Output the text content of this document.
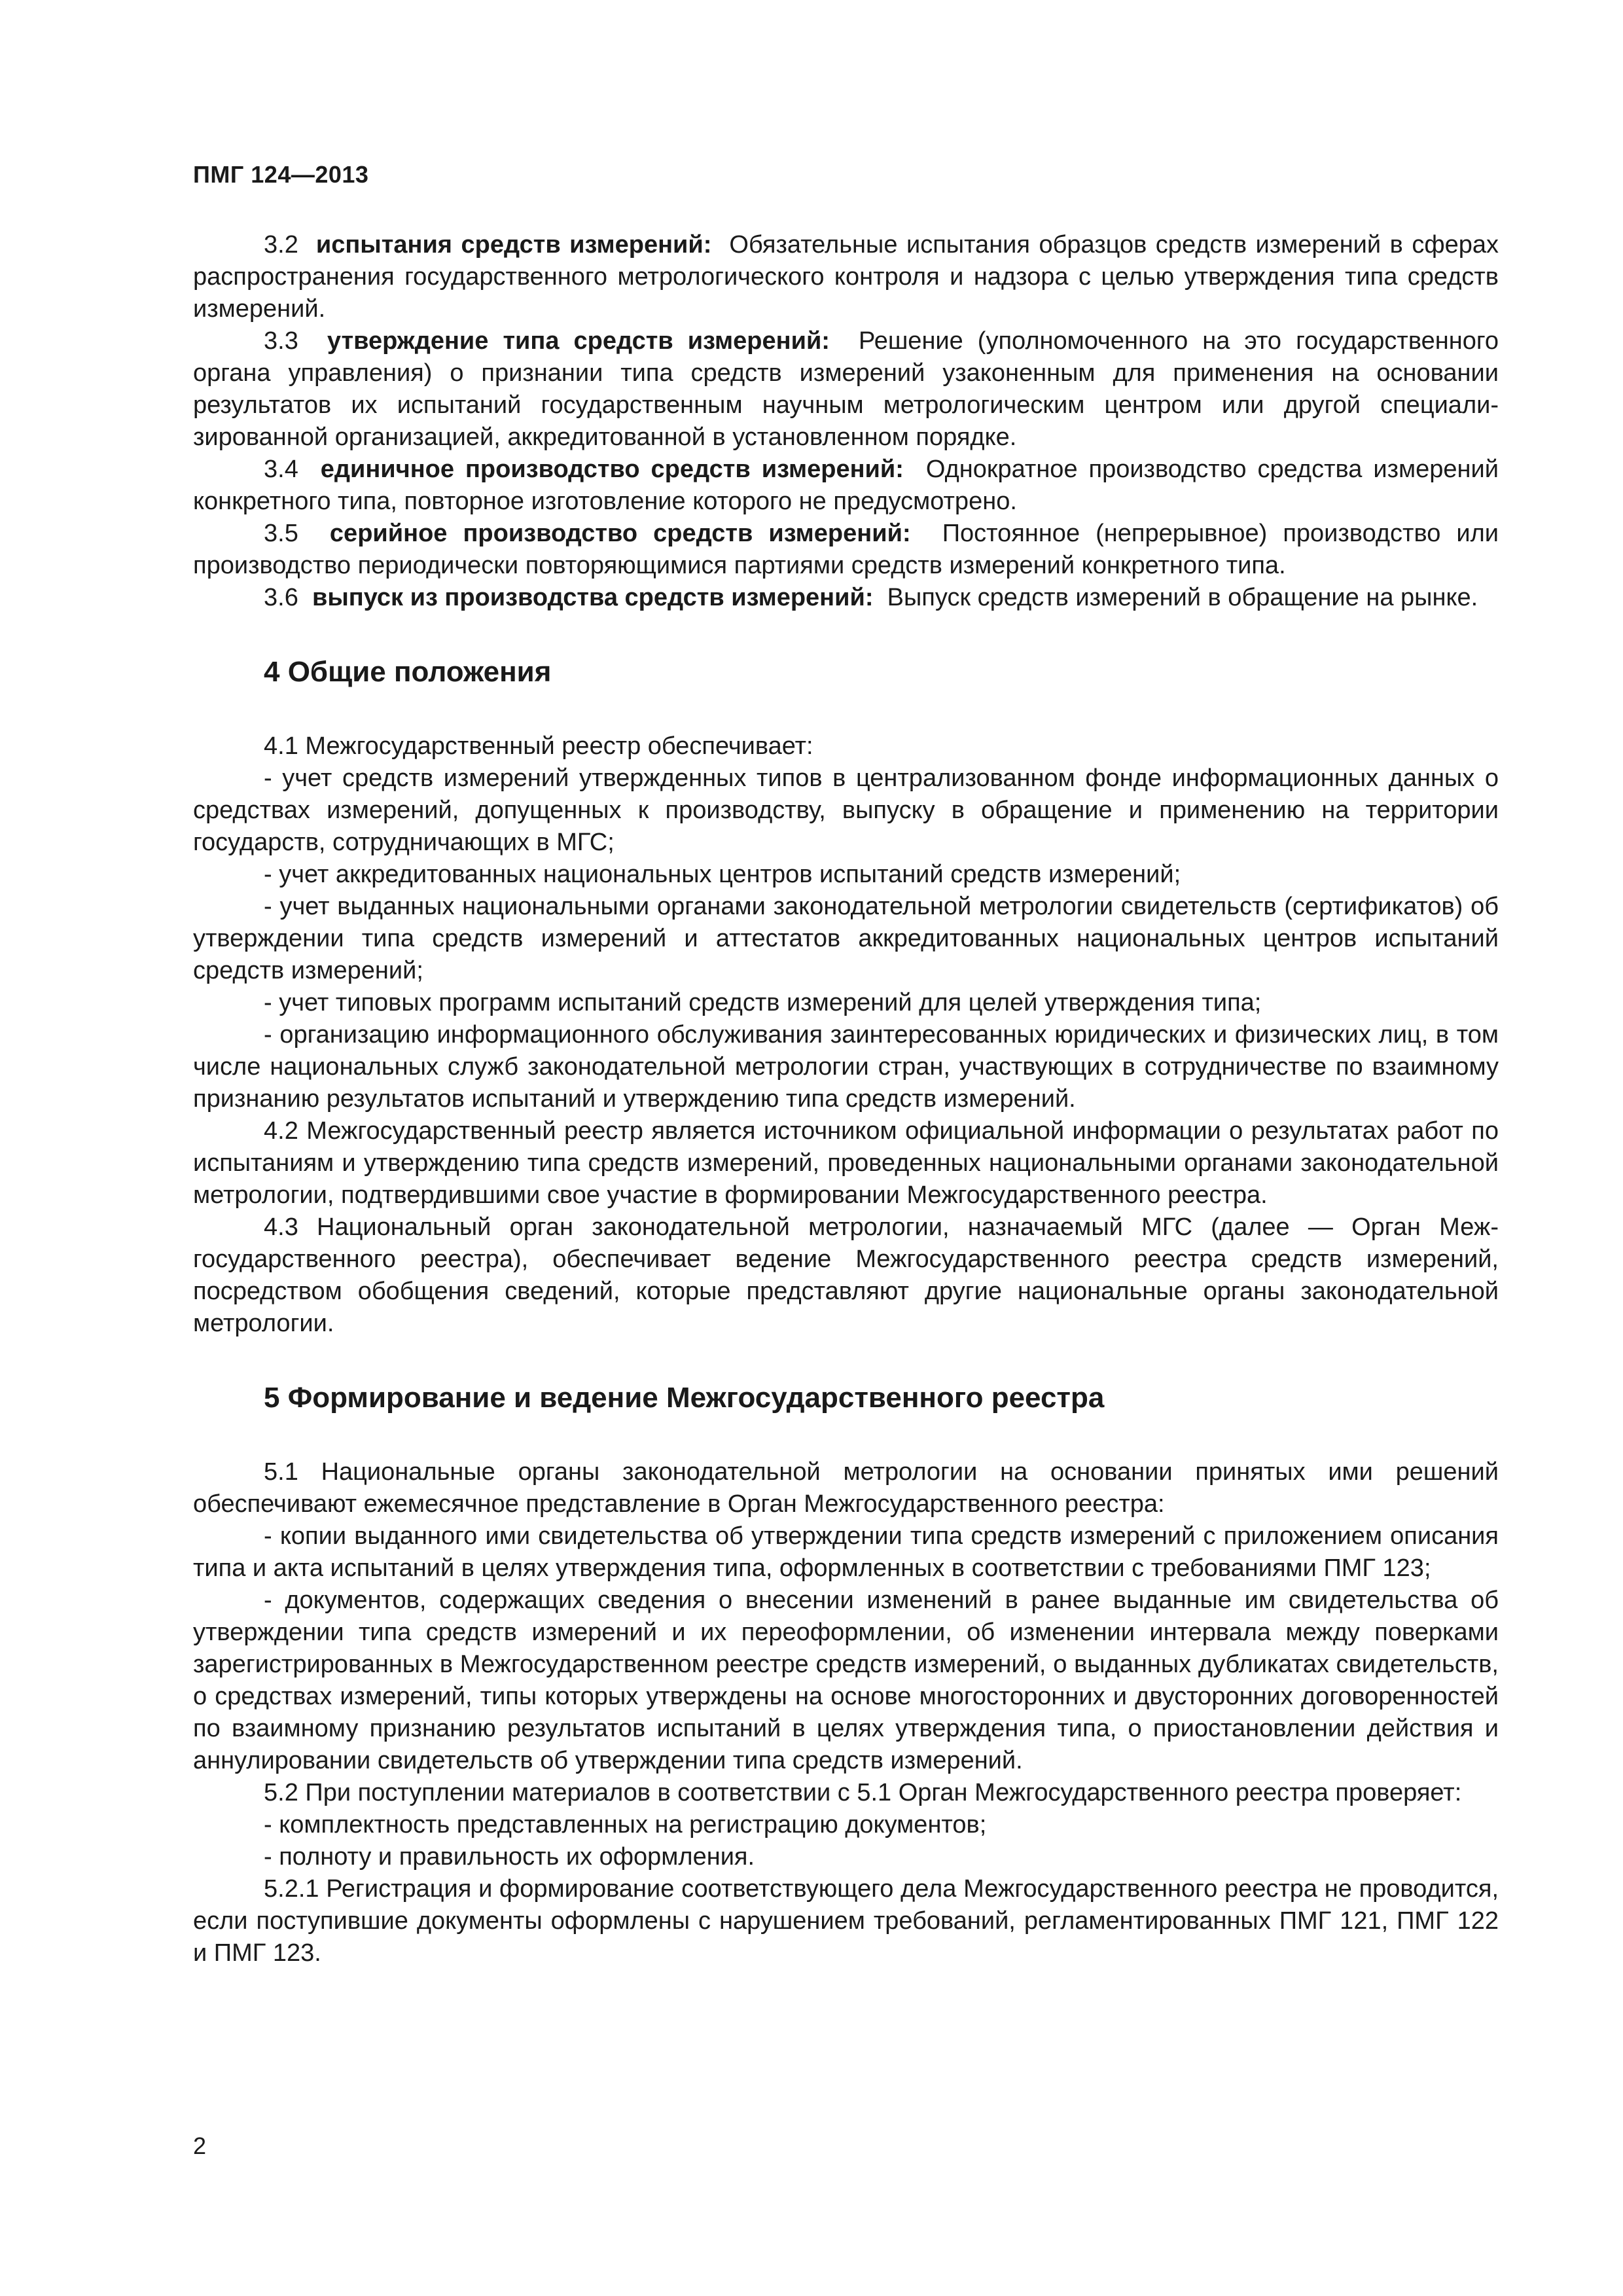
ПМГ 124—2013

3.2 испытания средств измерений: Обязательные испытания образцов средств измерений в сферах распространения государственного метрологического контроля и надзора с целью утверждения типа средств измерений.

3.3 утверждение типа средств измерений: Решение (уполномоченного на это государственного органа управления) о признании типа средств измерений узаконенным для применения на основании результатов их испытаний государственным научным метрологическим центром или другой специализированной организацией, аккредитованной в установленном порядке.

3.4 единичное производство средств измерений: Однократное производство средства измерений конкретного типа, повторное изготовление которого не предусмотрено.

3.5 серийное производство средств измерений: Постоянное (непрерывное) производство или производство периодически повторяющимися партиями средств измерений конкретного типа.

3.6 выпуск из производства средств измерений: Выпуск средств измерений в обращение на рынке.

4 Общие положения

4.1 Межгосударственный реестр обеспечивает:

- учет средств измерений утвержденных типов в централизованном фонде информационных данных о средствах измерений, допущенных к производству, выпуску в обращение и применению на территории государств, сотрудничающих в МГС;

- учет аккредитованных национальных центров испытаний средств измерений;

- учет выданных национальными органами законодательной метрологии свидетельств (сертификатов) об утверждении типа средств измерений и аттестатов аккредитованных национальных центров испытаний средств измерений;

- учет типовых программ испытаний средств измерений для целей утверждения типа;

- организацию информационного обслуживания заинтересованных юридических и физических лиц, в том числе национальных служб законодательной метрологии стран, участвующих в сотрудничестве по взаимному признанию результатов испытаний и утверждению типа средств измерений.

4.2 Межгосударственный реестр является источником официальной информации о результатах работ по испытаниям и утверждению типа средств измерений, проведенных национальными органами законодательной метрологии, подтвердившими свое участие в формировании Межгосударственного реестра.

4.3 Национальный орган законодательной метрологии, назначаемый МГС (далее — Орган Межгосударственного реестра), обеспечивает ведение Межгосударственного реестра средств измерений, посредством обобщения сведений, которые представляют другие национальные органы законодательной метрологии.

5 Формирование и ведение Межгосударственного реестра

5.1 Национальные органы законодательной метрологии на основании принятых ими решений обеспечивают ежемесячное представление в Орган Межгосударственного реестра:

- копии выданного ими свидетельства об утверждении типа средств измерений с приложением описания типа и акта испытаний в целях утверждения типа, оформленных в соответствии с требованиями ПМГ 123;

- документов, содержащих сведения о внесении изменений в ранее выданные им свидетельства об утверждении типа средств измерений и их переоформлении, об изменении интервала между поверками зарегистрированных в Межгосударственном реестре средств измерений, о выданных дубликатах свидетельств, о средствах измерений, типы которых утверждены на основе многосторонних и двусторонних договоренностей по взаимному признанию результатов испытаний в целях утверждения типа, о приостановлении действия и аннулировании свидетельств об утверждении типа средств измерений.

5.2 При поступлении материалов в соответствии с 5.1 Орган Межгосударственного реестра проверяет:

- комплектность представленных на регистрацию документов;

- полноту и правильность их оформления.

5.2.1 Регистрация и формирование соответствующего дела Межгосударственного реестра не проводится, если поступившие документы оформлены с нарушением требований, регламентированных ПМГ 121, ПМГ 122 и ПМГ 123.

2
